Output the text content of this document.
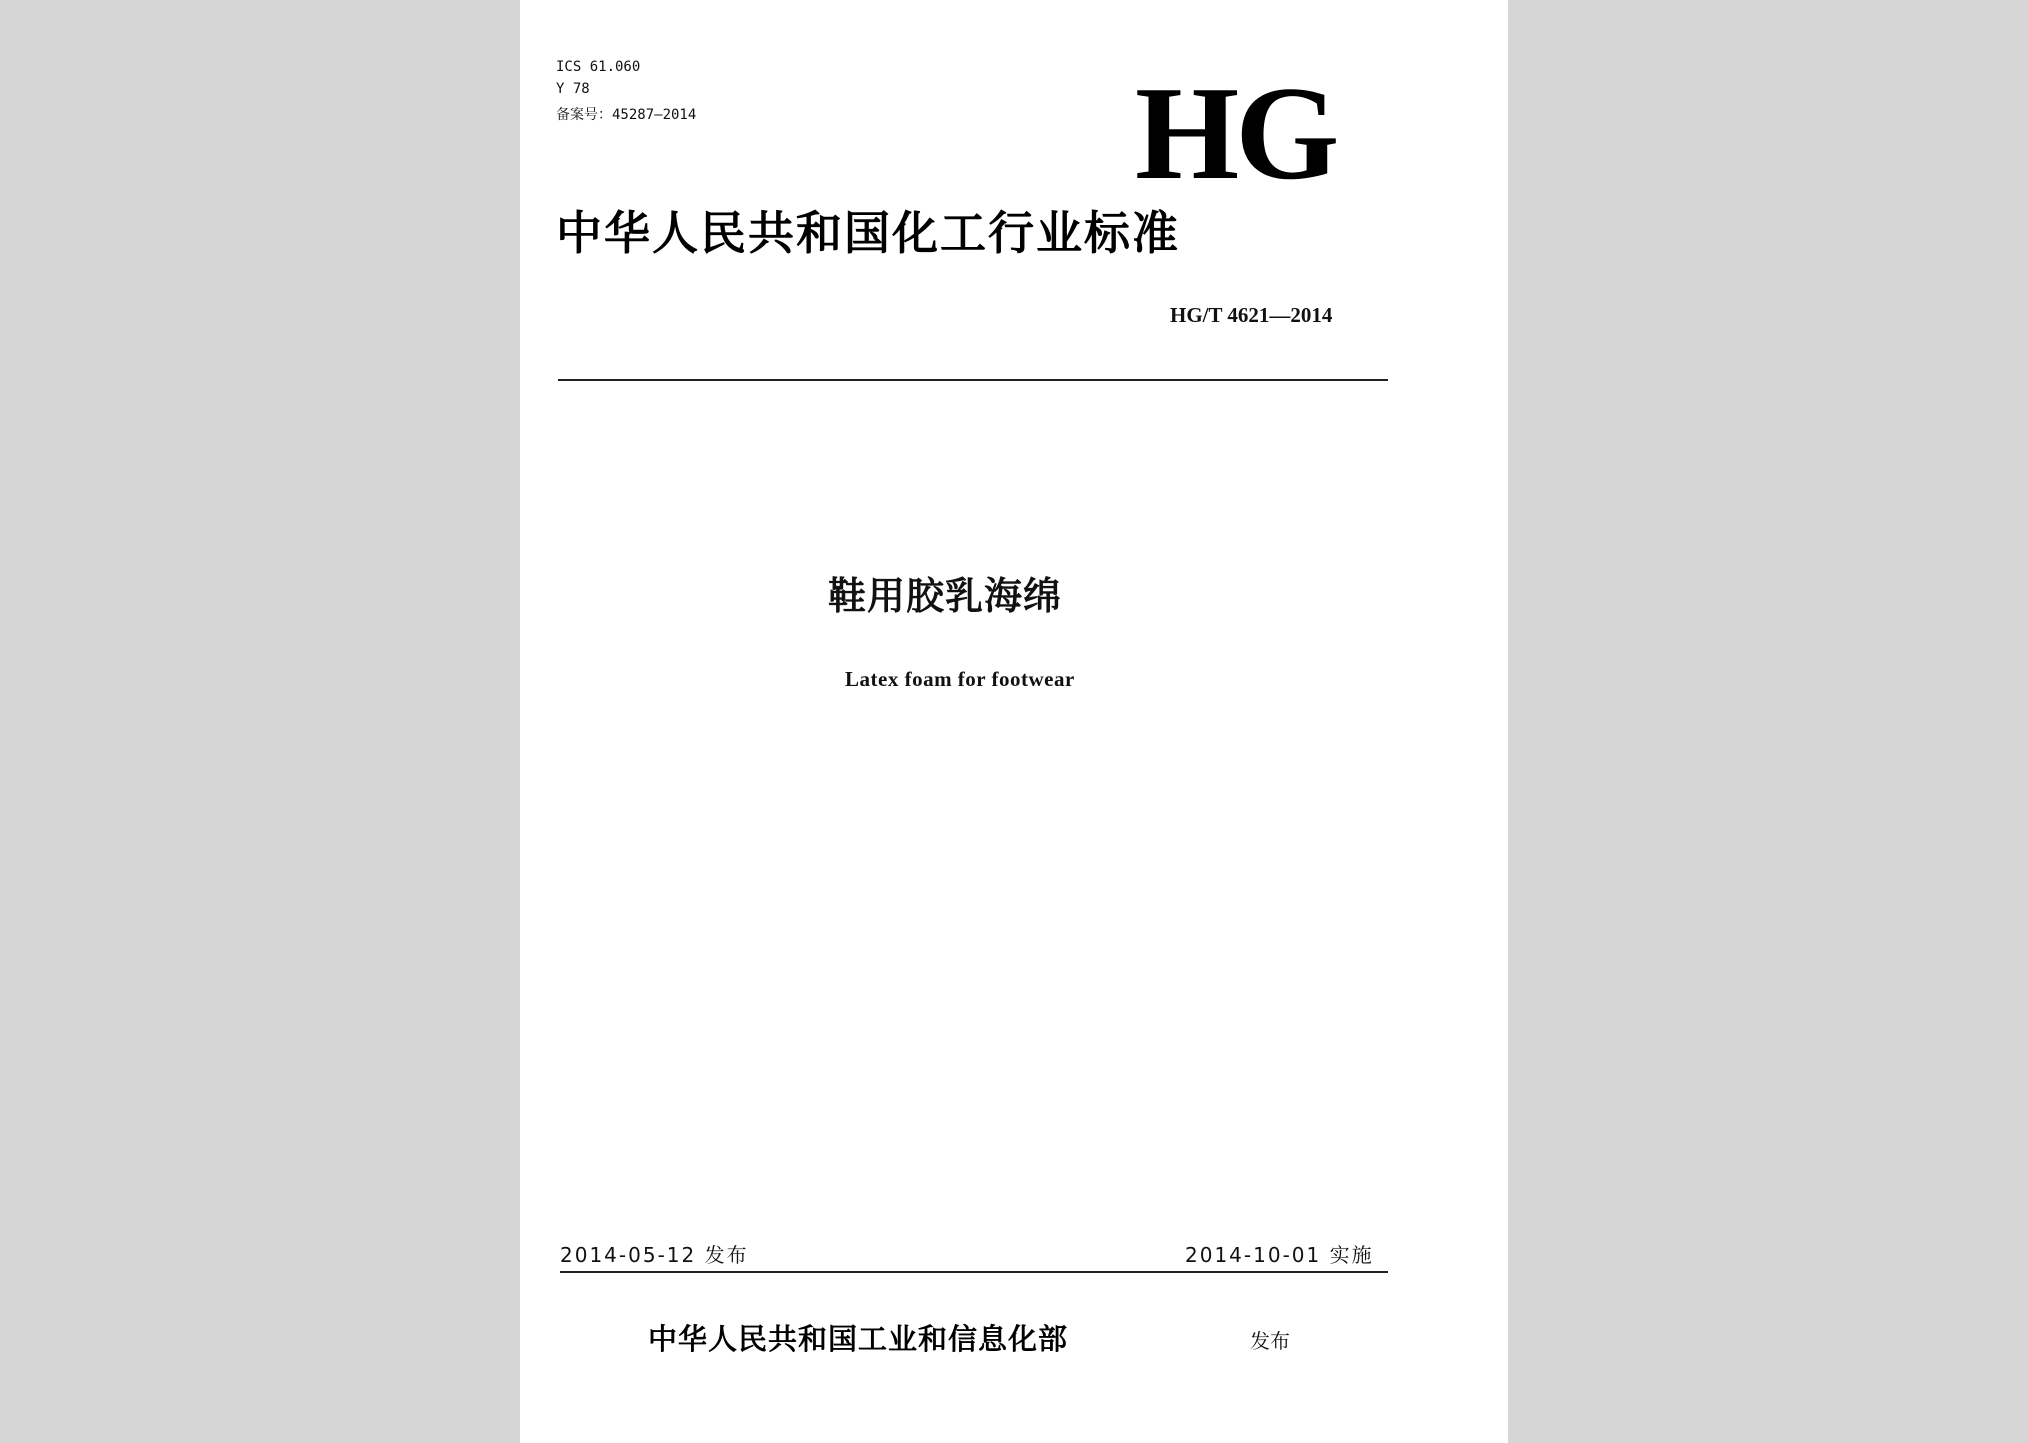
ICS 61.060
Y 78
备案号：45287—2014	HG
中华人民共和国化工行业标准
HG/T 4621—2014
鞋用胶乳海绵
Latex foam for footwear
2014-05-12 发布	2014-10-01 实施
中华人民共和国工业和信息化部	发布
